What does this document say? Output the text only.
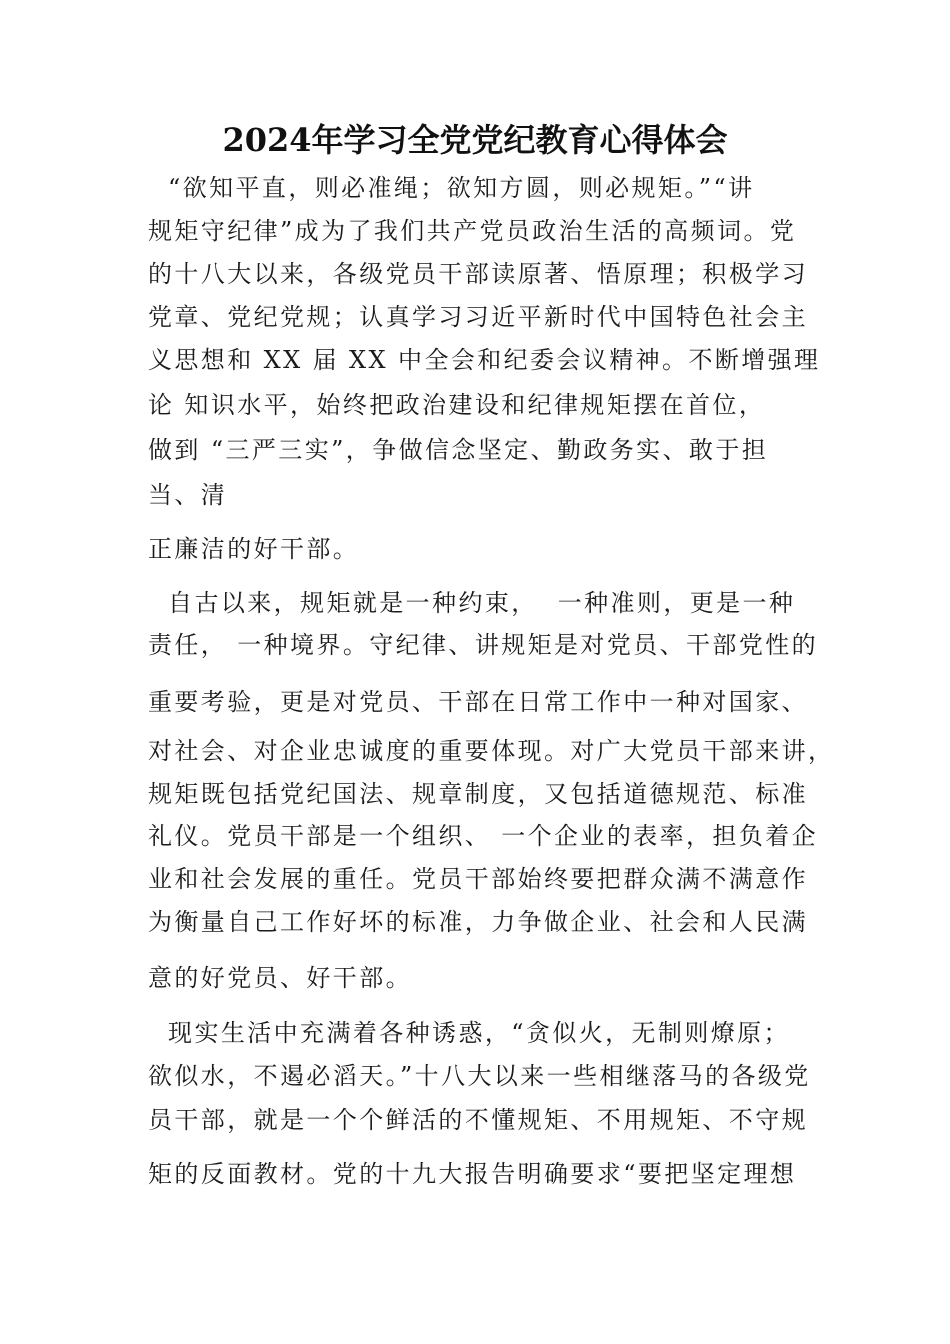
2024年学习全党党纪教育心得体会
“欲知平直，则必准绳；欲知方圆，则必规矩。”“讲
规矩守纪律”成为了我们共产党员政治生活的高频词。党
的十八大以来，各级党员干部读原著、悟原理；积极学习
党章、党纪党规；认真学习习近平新时代中国特色社会主
义思想和 XX 届 XX 中全会和纪委会议精神。不断增强理
论 知识水平，始终把政治建设和纪律规矩摆在首位，
做到 “三严三实”，争做信念坚定、勤政务实、敢于担
当、清
正廉洁的好干部。
自古以来，规矩就是一种约束，  一种准则，更是一种
责任， 一种境界。守纪律、讲规矩是对党员、干部党性的
重要考验，更是对党员、干部在日常工作中一种对国家、
对社会、对企业忠诚度的重要体现。对广大党员干部来讲，
规矩既包括党纪国法、规章制度，又包括道德规范、标准
礼仪。党员干部是一个组织、 一个企业的表率，担负着企
业和社会发展的重任。党员干部始终要把群众满不满意作
为衡量自己工作好坏的标准，力争做企业、社会和人民满
意的好党员、好干部。
现实生活中充满着各种诱惑，“贪似火，无制则燎原；
欲似水，不遏必滔天。”十八大以来一些相继落马的各级党
员干部，就是一个个鲜活的不懂规矩、不用规矩、不守规
矩的反面教材。党的十九大报告明确要求“要把坚定理想
